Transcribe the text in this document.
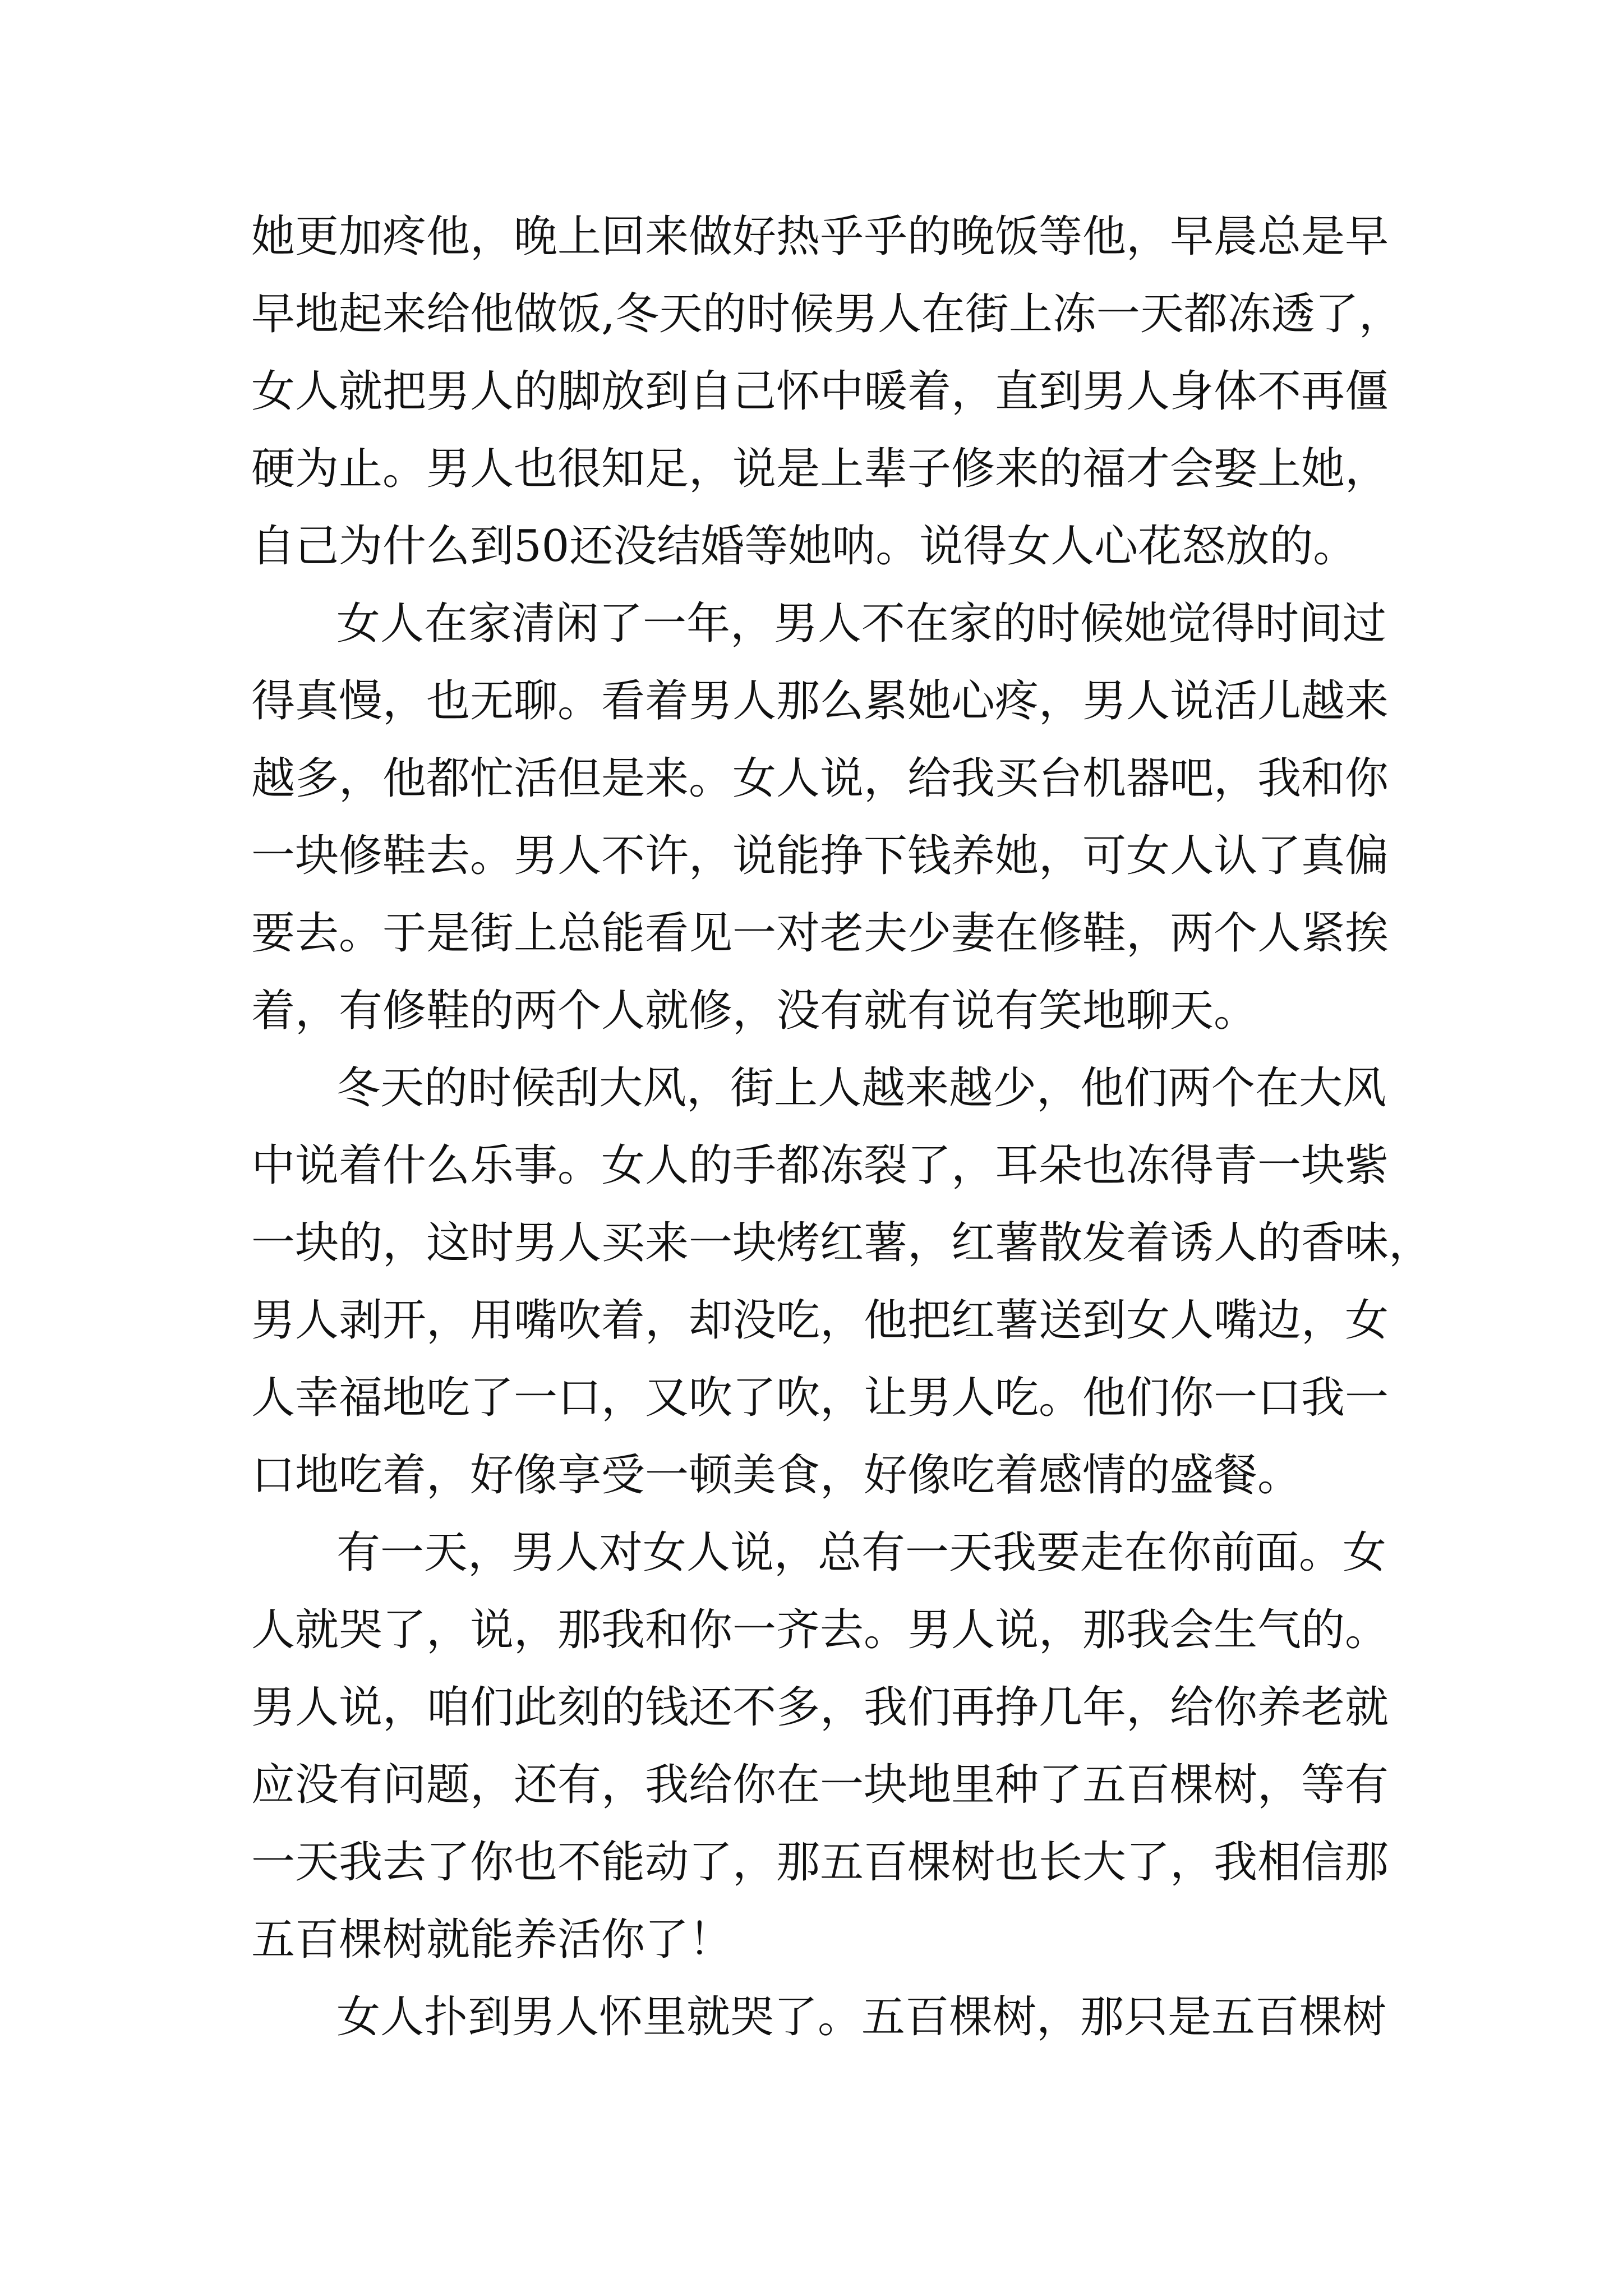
她更加疼他，晚上回来做好热乎乎的晚饭等他，早晨总是早

早地起来给他做饭,冬天的时候男人在街上冻一天都冻透了，

女人就把男人的脚放到自己怀中暖着，直到男人身体不再僵

硬为止。男人也很知足，说是上辈子修来的福才会娶上她，

自己为什么到50还没结婚等她呐。说得女人心花怒放的。

女人在家清闲了一年，男人不在家的时候她觉得时间过

得真慢，也无聊。看着男人那么累她心疼，男人说活儿越来

越多，他都忙活但是来。女人说，给我买台机器吧，我和你

一块修鞋去。男人不许，说能挣下钱养她，可女人认了真偏

要去。于是街上总能看见一对老夫少妻在修鞋，两个人紧挨

着，有修鞋的两个人就修，没有就有说有笑地聊天。

冬天的时候刮大风，街上人越来越少，他们两个在大风

中说着什么乐事。女人的手都冻裂了，耳朵也冻得青一块紫

一块的，这时男人买来一块烤红薯，红薯散发着诱人的香味，

男人剥开，用嘴吹着，却没吃，他把红薯送到女人嘴边，女

人幸福地吃了一口，又吹了吹，让男人吃。他们你一口我一

口地吃着，好像享受一顿美食，好像吃着感情的盛餐。

有一天，男人对女人说，总有一天我要走在你前面。女

人就哭了，说，那我和你一齐去。男人说，那我会生气的。

男人说，咱们此刻的钱还不多，我们再挣几年，给你养老就

应没有问题，还有，我给你在一块地里种了五百棵树，等有

一天我去了你也不能动了，那五百棵树也长大了，我相信那

五百棵树就能养活你了！

女人扑到男人怀里就哭了。五百棵树，那只是五百棵树
